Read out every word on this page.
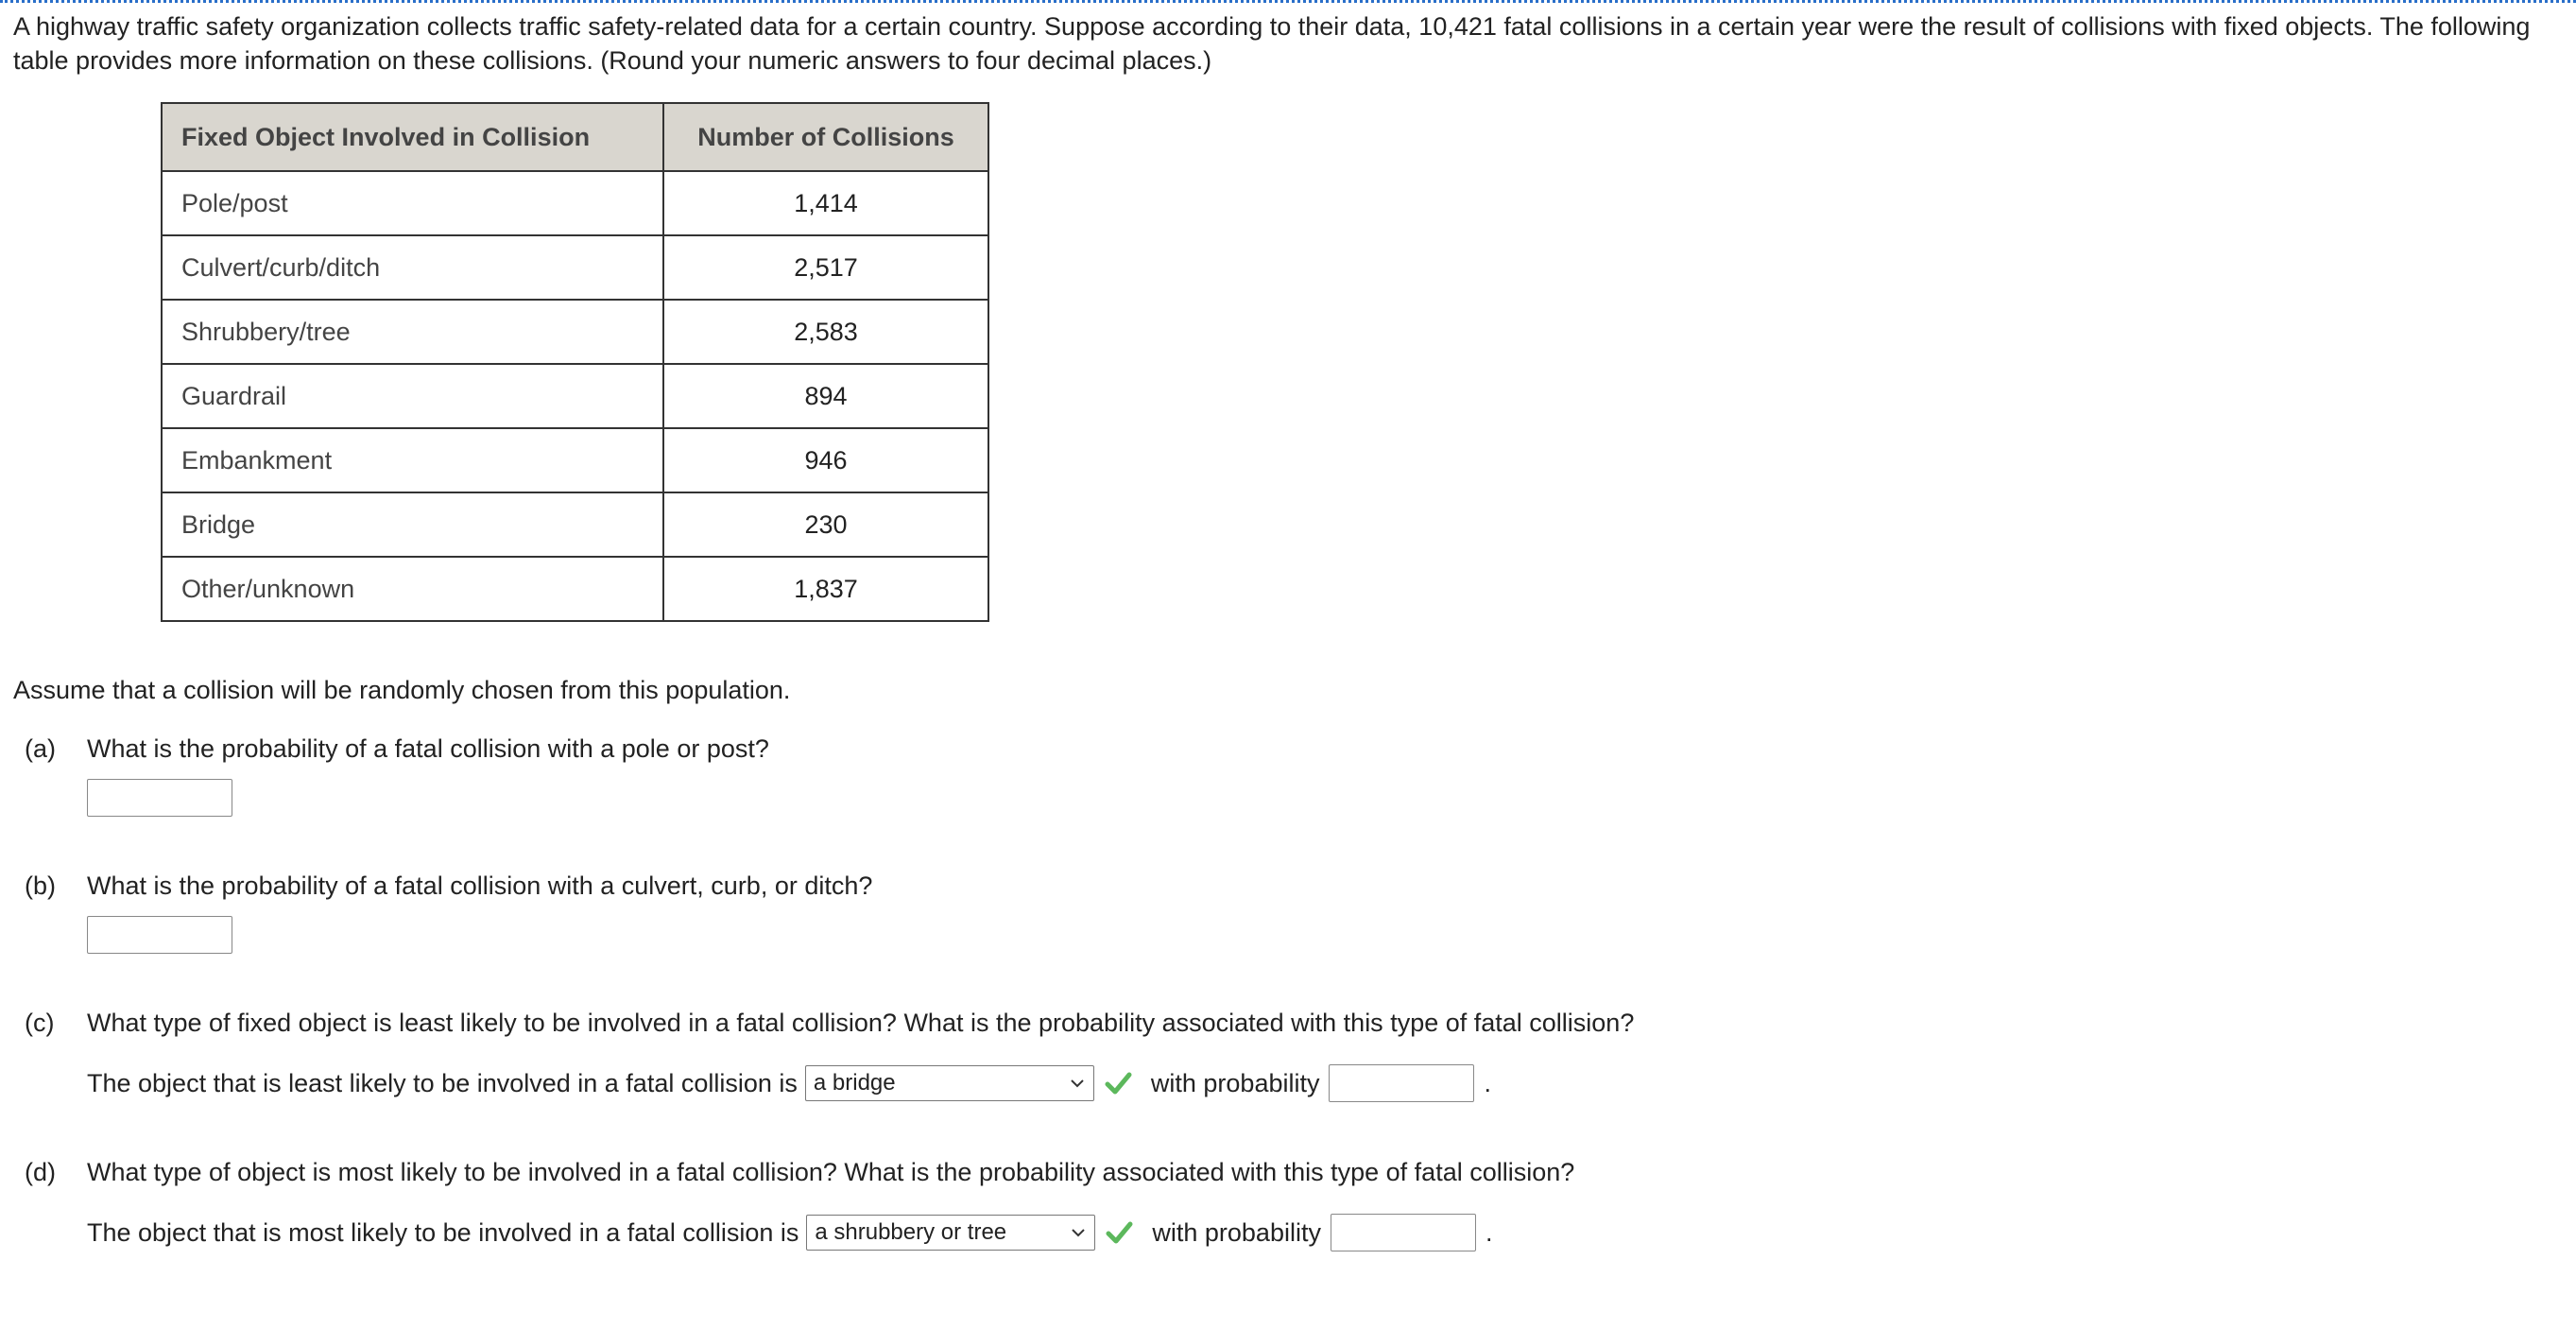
A highway traffic safety organization collects traffic safety-related data for a certain country. Suppose according to their data, 10,421 fatal collisions in a certain year were the result of collisions with fixed objects. The following table provides more information on these collisions. (Round your numeric answers to four decimal places.)

Fixed Object Involved in Collision	Number of Collisions
Pole/post	1,414
Culvert/curb/ditch	2,517
Shrubbery/tree	2,583
Guardrail	894
Embankment	946
Bridge	230
Other/unknown	1,837
Assume that a collision will be randomly chosen from this population.
(a) What is the probability of a fatal collision with a pole or post?
(b) What is the probability of a fatal collision with a culvert, curb, or ditch?
(c) What type of fixed object is least likely to be involved in a fatal collision? What is the probability associated with this type of fatal collision?
The object that is least likely to be involved in a fatal collision is a bridge	with probability	.
(d) What type of object is most likely to be involved in a fatal collision? What is the probability associated with this type of fatal collision?
The object that is most likely to be involved in a fatal collision is a shrubbery or tree	with probability	.
